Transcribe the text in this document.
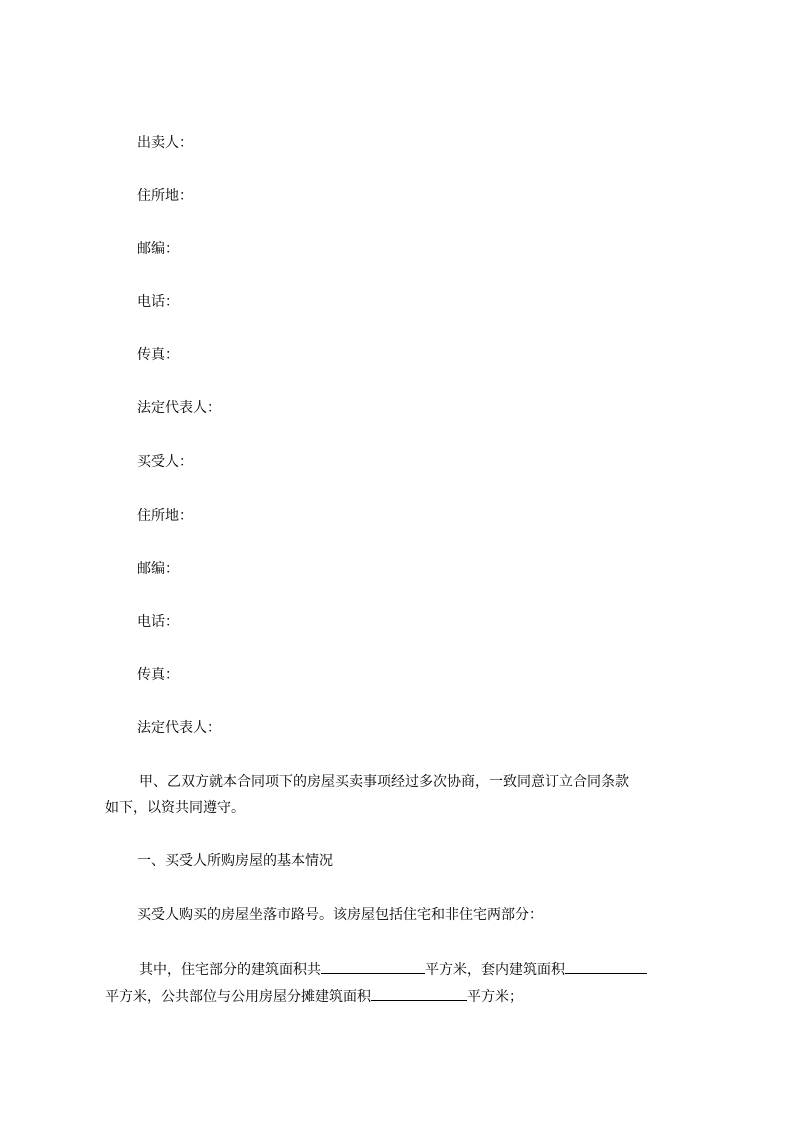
出卖人：
住所地：
邮编：
电话：
传真：
法定代表人：
买受人：
住所地：
邮编：
电话：
传真：
法定代表人：
甲、乙双方就本合同项下的房屋买卖事项经过多次协商，一致同意订立合同条款
如下，以资共同遵守。
一、买受人所购房屋的基本情况
买受人购买的房屋坐落市路号。该房屋包括住宅和非住宅两部分：
其中，住宅部分的建筑面积共	平方米，套内建筑面积
平方米，公共部位与公用房屋分摊建筑面积	平方米；
